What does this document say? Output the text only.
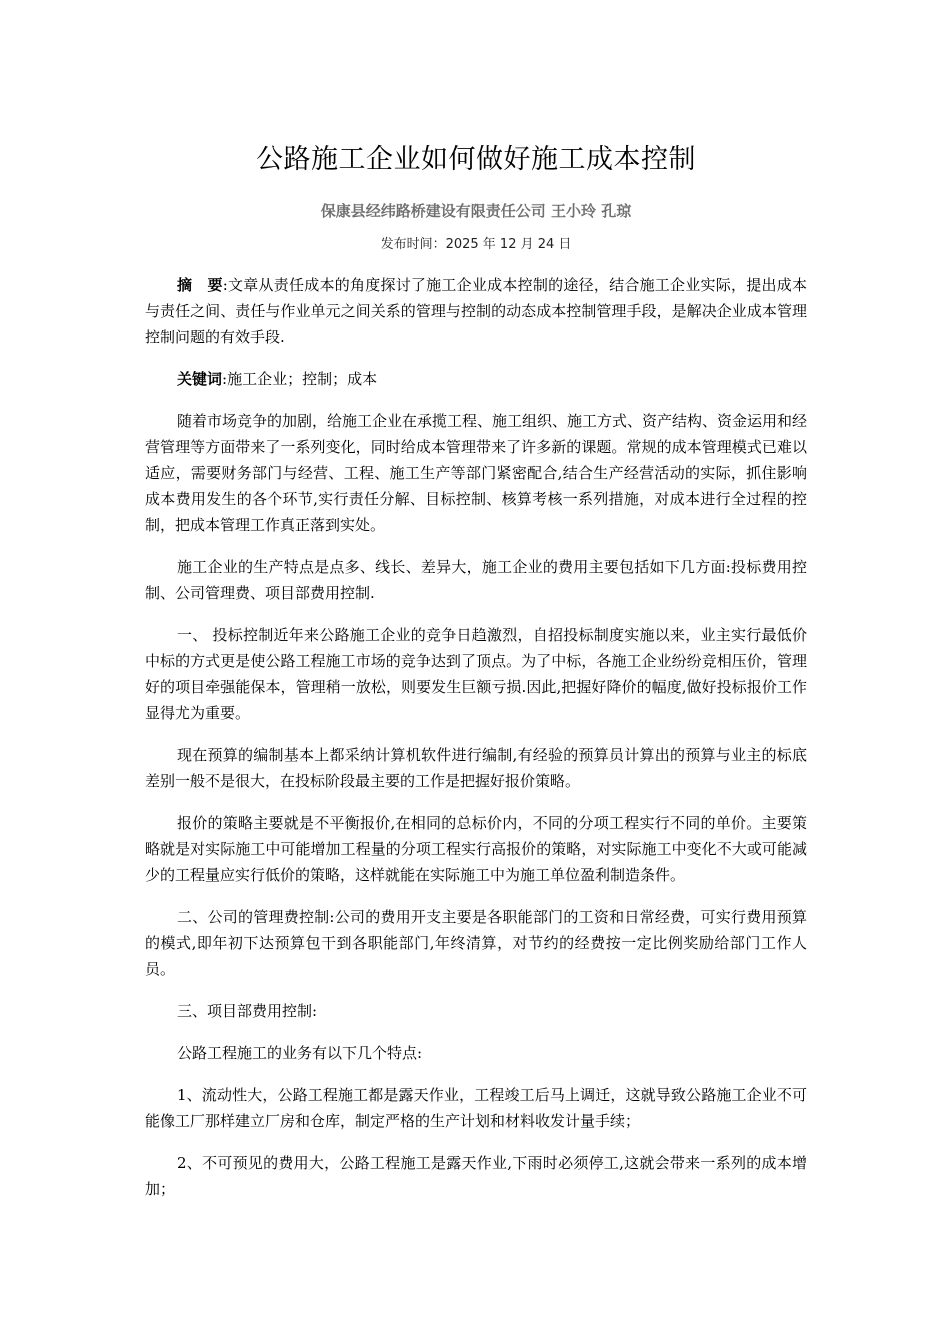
公路施工企业如何做好施工成本控制
保康县经纬路桥建设有限责任公司 王小玲 孔琼
发布时间：2025 年 12 月 24 日

摘　要:文章从责任成本的角度探讨了施工企业成本控制的途径，结合施工企业实际，提出成本与责任之间、责任与作业单元之间关系的管理与控制的动态成本控制管理手段，是解决企业成本管理控制问题的有效手段.

关键词:施工企业；控制；成本

随着市场竞争的加剧，给施工企业在承揽工程、施工组织、施工方式、资产结构、资金运用和经营管理等方面带来了一系列变化，同时给成本管理带来了许多新的课题。常规的成本管理模式已难以适应，需要财务部门与经营、工程、施工生产等部门紧密配合,结合生产经营活动的实际，抓住影响成本费用发生的各个环节,实行责任分解、目标控制、核算考核一系列措施，对成本进行全过程的控制，把成本管理工作真正落到实处。

施工企业的生产特点是点多、线长、差异大，施工企业的费用主要包括如下几方面:投标费用控制、公司管理费、项目部费用控制.

一、 投标控制近年来公路施工企业的竞争日趋激烈，自招投标制度实施以来，业主实行最低价中标的方式更是使公路工程施工市场的竞争达到了顶点。为了中标，各施工企业纷纷竞相压价，管理好的项目牵强能保本，管理稍一放松，则要发生巨额亏损.因此,把握好降价的幅度,做好投标报价工作显得尤为重要。

现在预算的编制基本上都采纳计算机软件进行编制,有经验的预算员计算出的预算与业主的标底差别一般不是很大，在投标阶段最主要的工作是把握好报价策略。

报价的策略主要就是不平衡报价,在相同的总标价内，不同的分项工程实行不同的单价。主要策略就是对实际施工中可能增加工程量的分项工程实行高报价的策略，对实际施工中变化不大或可能减少的工程量应实行低价的策略，这样就能在实际施工中为施工单位盈利制造条件。

二、公司的管理费控制:公司的费用开支主要是各职能部门的工资和日常经费，可实行费用预算的模式,即年初下达预算包干到各职能部门,年终清算，对节约的经费按一定比例奖励给部门工作人员。

三、项目部费用控制:

公路工程施工的业务有以下几个特点:

1、流动性大，公路工程施工都是露天作业，工程竣工后马上调迁，这就导致公路施工企业不可能像工厂那样建立厂房和仓库，制定严格的生产计划和材料收发计量手续；

2、不可预见的费用大，公路工程施工是露天作业,下雨时必须停工,这就会带来一系列的成本增加；
